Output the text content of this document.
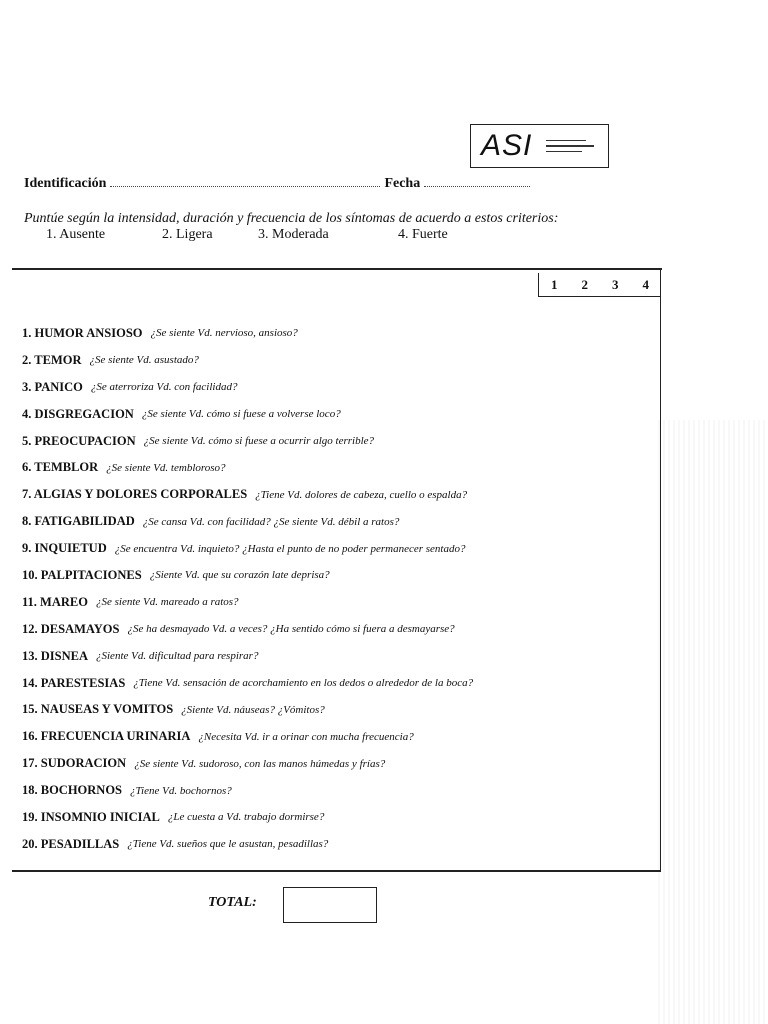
ASI
Identificación	Fecha
Puntúe según la intensidad, duración y frecuencia de los síntomas de acuerdo a estos criterios:
1. Ausente	2. Ligera	3. Moderada	4. Fuerte
1 2 3 4
1. HUMOR ANSIOSO ¿Se siente Vd. nervioso, ansioso?
2. TEMOR ¿Se siente Vd. asustado?
3. PANICO ¿Se aterroriza Vd. con facilidad?
4. DISGREGACION ¿Se siente Vd. cómo si fuese a volverse loco?
5. PREOCUPACION ¿Se siente Vd. cómo si fuese a ocurrir algo terrible?
6. TEMBLOR ¿Se siente Vd. tembloroso?
7. ALGIAS Y DOLORES CORPORALES ¿Tiene Vd. dolores de cabeza, cuello o espalda?
8. FATIGABILIDAD ¿Se cansa Vd. con facilidad? ¿Se siente Vd. débil a ratos?
9. INQUIETUD ¿Se encuentra Vd. inquieto? ¿Hasta el punto de no poder permanecer sentado?
10. PALPITACIONES ¿Siente Vd. que su corazón late deprisa?
11. MAREO ¿Se siente Vd. mareado a ratos?
12. DESAMAYOS ¿Se ha desmayado Vd. a veces? ¿Ha sentido cómo si fuera a desmayarse?
13. DISNEA ¿Siente Vd. dificultad para respirar?
14. PARESTESIAS ¿Tiene Vd. sensación de acorchamiento en los dedos o alrededor de la boca?
15. NAUSEAS Y VOMITOS ¿Siente Vd. náuseas? ¿Vómitos?
16. FRECUENCIA URINARIA ¿Necesita Vd. ir a orinar con mucha frecuencia?
17. SUDORACION ¿Se siente Vd. sudoroso, con las manos húmedas y frías?
18. BOCHORNOS ¿Tiene Vd. bochornos?
19. INSOMNIO INICIAL ¿Le cuesta a Vd. trabajo dormirse?
20. PESADILLAS ¿Tiene Vd. sueños que le asustan, pesadillas?
TOTAL:
